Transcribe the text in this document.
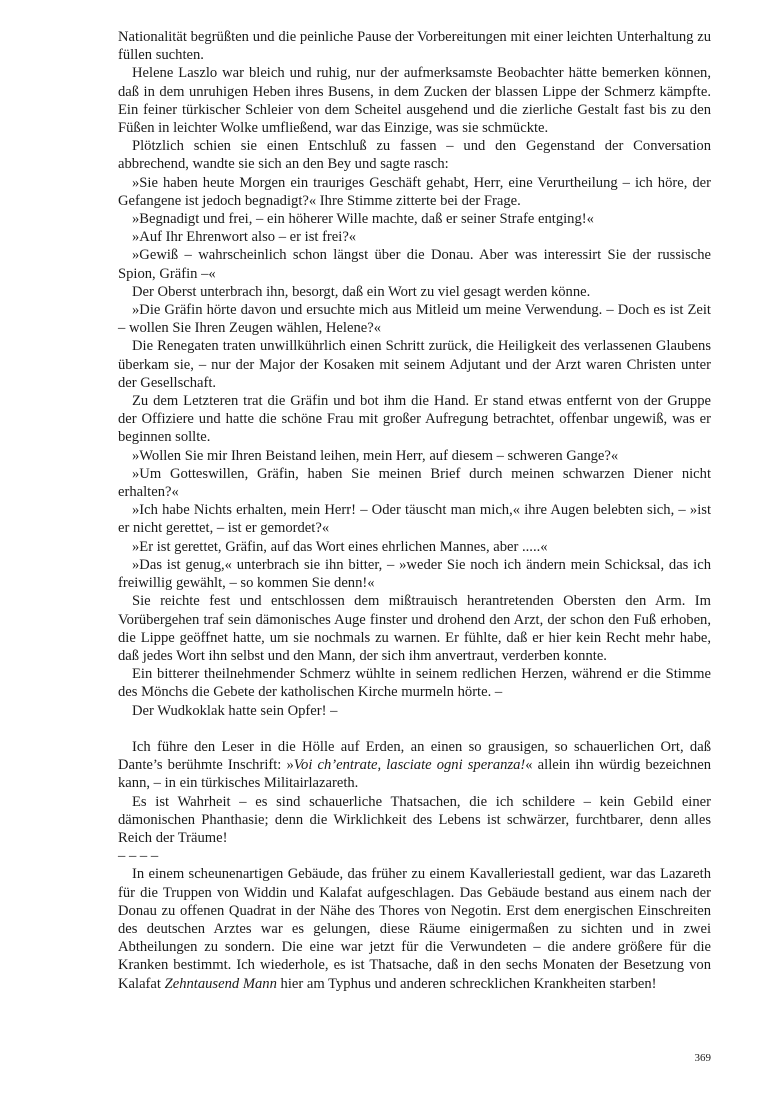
Nationalität begrüßten und die peinliche Pause der Vorbereitungen mit einer leichten Unterhaltung zu füllen suchten.

Helene Laszlo war bleich und ruhig, nur der aufmerksamste Beobachter hätte bemerken können, daß in dem unruhigen Heben ihres Busens, in dem Zucken der blassen Lippe der Schmerz kämpfte. Ein feiner türkischer Schleier von dem Scheitel ausgehend und die zierliche Gestalt fast bis zu den Füßen in leichter Wolke umfließend, war das Einzige, was sie schmückte.

Plötzlich schien sie einen Entschluß zu fassen – und den Gegenstand der Conversation abbrechend, wandte sie sich an den Bey und sagte rasch:

»Sie haben heute Morgen ein trauriges Geschäft gehabt, Herr, eine Verurtheilung – ich höre, der Gefangene ist jedoch begnadigt?« Ihre Stimme zitterte bei der Frage.

»Begnadigt und frei, – ein höherer Wille machte, daß er seiner Strafe entging!«

»Auf Ihr Ehrenwort also – er ist frei?«

»Gewiß – wahrscheinlich schon längst über die Donau. Aber was interessirt Sie der russische Spion, Gräfin –«

Der Oberst unterbrach ihn, besorgt, daß ein Wort zu viel gesagt werden könne.

»Die Gräfin hörte davon und ersuchte mich aus Mitleid um meine Verwendung. – Doch es ist Zeit – wollen Sie Ihren Zeugen wählen, Helene?«

Die Renegaten traten unwillkührlich einen Schritt zurück, die Heiligkeit des verlassenen Glaubens überkam sie, – nur der Major der Kosaken mit seinem Adjutant und der Arzt waren Christen unter der Gesellschaft.

Zu dem Letzteren trat die Gräfin und bot ihm die Hand. Er stand etwas entfernt von der Gruppe der Offiziere und hatte die schöne Frau mit großer Aufregung betrachtet, offenbar ungewiß, was er beginnen sollte.

»Wollen Sie mir Ihren Beistand leihen, mein Herr, auf diesem – schweren Gange?«

»Um Gotteswillen, Gräfin, haben Sie meinen Brief durch meinen schwarzen Diener nicht erhalten?«

»Ich habe Nichts erhalten, mein Herr! – Oder täuscht man mich,« ihre Augen belebten sich, – »ist er nicht gerettet, – ist er gemordet?«

»Er ist gerettet, Gräfin, auf das Wort eines ehrlichen Mannes, aber .....«

»Das ist genug,« unterbrach sie ihn bitter, – »weder Sie noch ich ändern mein Schicksal, das ich freiwillig gewählt, – so kommen Sie denn!«

Sie reichte fest und entschlossen dem mißtrauisch herantretenden Obersten den Arm. Im Vorübergehen traf sein dämonisches Auge finster und drohend den Arzt, der schon den Fuß erhoben, die Lippe geöffnet hatte, um sie nochmals zu warnen. Er fühlte, daß er hier kein Recht mehr habe, daß jedes Wort ihn selbst und den Mann, der sich ihm anvertraut, verderben konnte.

Ein bitterer theilnehmender Schmerz wühlte in seinem redlichen Herzen, während er die Stimme des Mönchs die Gebete der katholischen Kirche murmeln hörte. –

Der Wudkoklak hatte sein Opfer! –

Ich führe den Leser in die Hölle auf Erden, an einen so grausigen, so schauerlichen Ort, daß Dante’s berühmte Inschrift: »Voi ch’entrate, lasciate ogni speranza!« allein ihn würdig bezeichnen kann, – in ein türkisches Militairlazareth.

Es ist Wahrheit – es sind schauerliche Thatsachen, die ich schildere – kein Gebild einer dämonischen Phanthasie; denn die Wirklichkeit des Lebens ist schwärzer, furchtbarer, denn alles Reich der Träume!

– – – –

In einem scheunenartigen Gebäude, das früher zu einem Kavalleriestall gedient, war das Lazareth für die Truppen von Widdin und Kalafat aufgeschlagen. Das Gebäude bestand aus einem nach der Donau zu offenen Quadrat in der Nähe des Thores von Negotin. Erst dem energischen Einschreiten des deutschen Arztes war es gelungen, diese Räume einigermaßen zu sichten und in zwei Abtheilungen zu sondern. Die eine war jetzt für die Verwundeten – die andere größere für die Kranken bestimmt. Ich wiederhole, es ist Thatsache, daß in den sechs Monaten der Besetzung von Kalafat Zehntausend Mann hier am Typhus und anderen schrecklichen Krankheiten starben!

369
